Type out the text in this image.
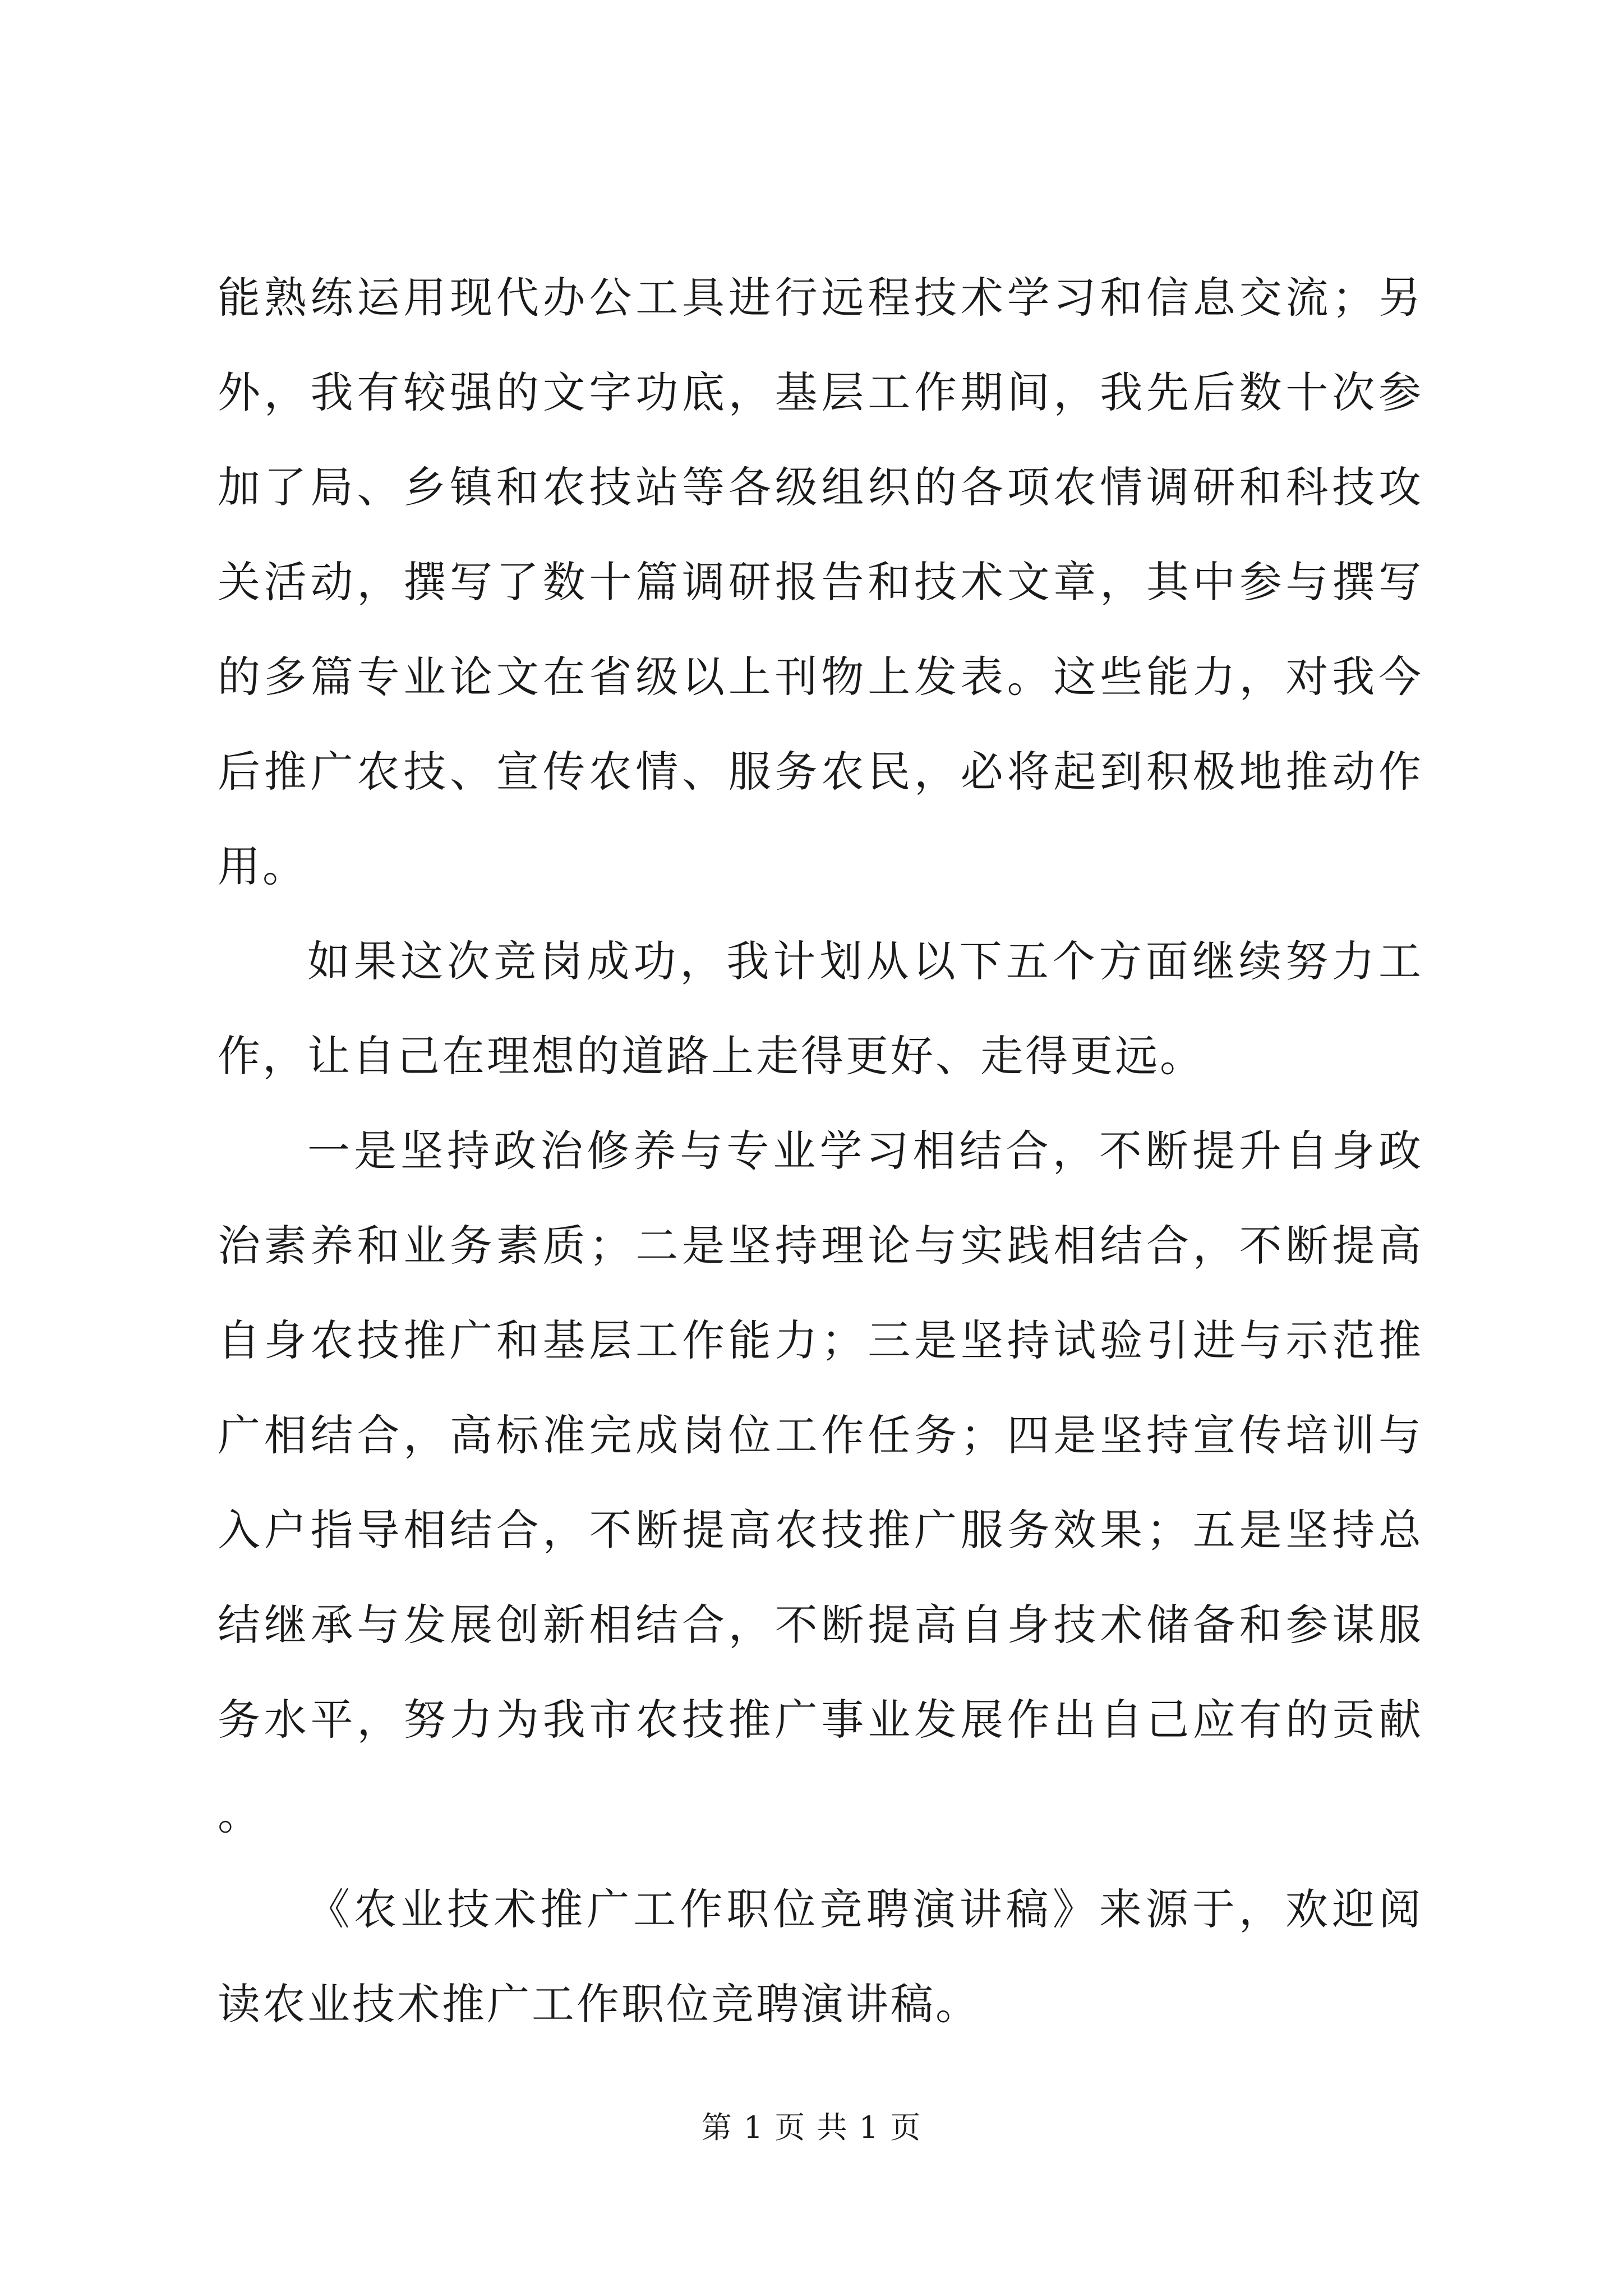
能熟练运用现代办公工具进行远程技术学习和信息交流；另外，我有较强的文字功底，基层工作期间，我先后数十次参加了局、乡镇和农技站等各级组织的各项农情调研和科技攻关活动，撰写了数十篇调研报告和技术文章，其中参与撰写的多篇专业论文在省级以上刊物上发表。这些能力，对我今后推广农技、宣传农情、服务农民，必将起到积极地推动作用。

如果这次竞岗成功，我计划从以下五个方面继续努力工作，让自己在理想的道路上走得更好、走得更远。

一是坚持政治修养与专业学习相结合，不断提升自身政治素养和业务素质；二是坚持理论与实践相结合，不断提高自身农技推广和基层工作能力；三是坚持试验引进与示范推广相结合，高标准完成岗位工作任务；四是坚持宣传培训与入户指导相结合，不断提高农技推广服务效果；五是坚持总结继承与发展创新相结合，不断提高自身技术储备和参谋服务水平，努力为我市农技推广事业发展作出自己应有的贡献。

《农业技术推广工作职位竞聘演讲稿》来源于，欢迎阅读农业技术推广工作职位竞聘演讲稿。

第 1 页 共 1 页
